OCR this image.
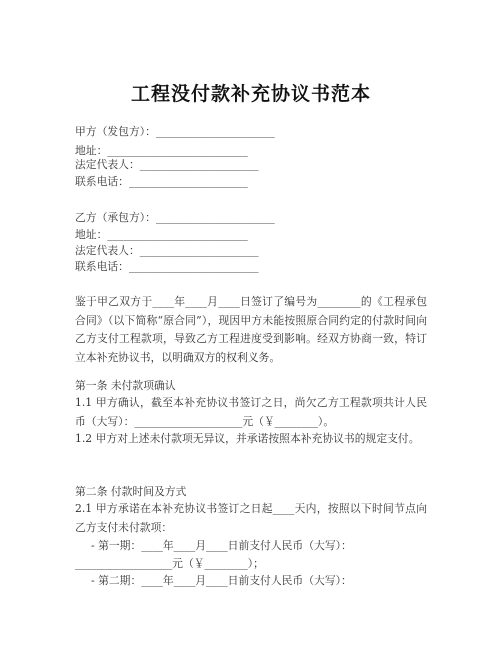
工程没付款补充协议书范本
甲方（发包方）：______________________
地址：__________________________
法定代表人：______________________
联系电话：______________________
乙方（承包方）：______________________
地址：__________________________
法定代表人：______________________
联系电话：________________________
鉴于甲乙双方于____年____月____日签订了编号为________的《工程承包合同》（以下简称“原合同”），现因甲方未能按照原合同约定的付款时间向乙方支付工程款项，导致乙方工程进度受到影响。经双方协商一致，特订立本补充协议书，以明确双方的权利义务。
第一条 未付款项确认
1.1 甲方确认，截至本补充协议书签订之日，尚欠乙方工程款项共计人民币（大写）：____________________元（￥________）。
1.2 甲方对上述未付款项无异议，并承诺按照本补充协议书的规定支付。
第二条 付款时间及方式
2.1 甲方承诺在本补充协议书签订之日起____天内，按照以下时间节点向乙方支付未付款项：
- 第一期：____年____月____日前支付人民币（大写）：
__________________元（￥________）；
- 第二期：____年____月____日前支付人民币（大写）：
